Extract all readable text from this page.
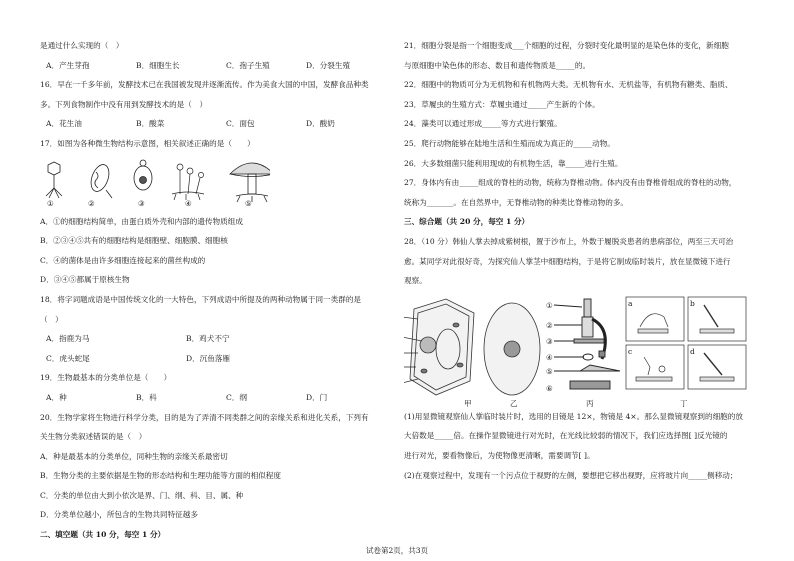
是通过什么实现的（　）
A．产生芽孢	B．细胞生长	C．孢子生殖	D．分裂生殖
16．早在一千多年前，发酵技术已在我国被发现并逐渐流传。作为美食大国的中国，发酵食品种类
多。下列食物制作中没有用到发酵技术的是（　）
A．花生油	B．酸菜	C．面包	D．酸奶
17．如图为各种微生物结构示意图，相关叙述正确的是（　　）
①	②	③	④	⑤
A．①的细胞结构简单，由蛋白质外壳和内部的遗传物质组成
B．②③④⑤共有的细胞结构是细胞壁、细胞膜、细胞核
C．④的菌体是由许多细胞连接起来的菌丝构成的
D．③④⑤都属于原核生物
18．将字词题成语是中国传统文化的一大特色，下列成语中所提及的两种动物属于同一类群的是
（　）
A．指鹿为马	B．鸡犬不宁
C．虎头蛇尾	D．沉鱼落雁
19．生物最基本的分类单位是（　　）
A．种	B．科	C．纲	D．门
20．生物学家将生物进行科学分类，目的是为了弄清不同类群之间的亲缘关系和进化关系，下列有
关生物分类叙述错误的是（　）
A．种是最基本的分类单位，同种生物的亲缘关系最密切
B．生物分类的主要依据是生物的形态结构和生理功能等方面的相似程度
C．分类的单位由大到小依次是界、门、纲、科、目、属、种
D．分类单位越小，所包含的生物共同特征越多
二、填空题（共 10 分，每空 1 分）
21．细胞分裂是指一个细胞变成___个细胞的过程，分裂时变化最明显的是染色体的变化，新细胞
与原细胞中染色体的形态、数目和遗传物质是_____的。
22．细胞中的物质可分为无机物和有机物两大类。无机物有水、无机盐等，有机物有糖类、脂质、
23．草履虫的生殖方式：草履虫通过_____产生新的个体。
24．藻类可以通过形成_____等方式进行繁殖。
25．爬行动物能够在陆地生活和生殖而成为真正的_____动物。
26．大多数细菌只能利用现成的有机物生活，靠_____进行生殖。
27．身体内有由_____组成的脊柱的动物，统称为脊椎动物。体内没有由脊椎骨组成的脊柱的动物，
统称为_______。在自然界中，无脊椎动物的种类比脊椎动物的多。
三、综合题（共 20 分，每空 1 分）
28．（10 分）韩仙人掌去掉成紫树根，置于沙布上，外数于履脱炎患者的患病部位，两至三天可治
愈。某同学对此很好奇，为探究仙人掌茎中细胞结构，于是将它制成临时装片，放在显微镜下进行
观察。
甲	乙	丙	丁
a	b
c	d
①
②
③
④
⑤
⑥
(1)用显微镜观察仙人掌临时装片时，选用的目镜是 12×，物镜是 4×。那么显微镜观察到的细胞的放
大倍数是_____倍。在操作显微镜进行对光时，在光线比较弱的情况下，我们应选择图[ ]反光镜的
进行对光，要看物像后，为使物像更清晰，需要调节[ ]。
(2)在观察过程中，发现有一个污点位于视野的左侧，要想把它移出视野，应将玻片向_____侧移动；
试卷第2页，共3页
